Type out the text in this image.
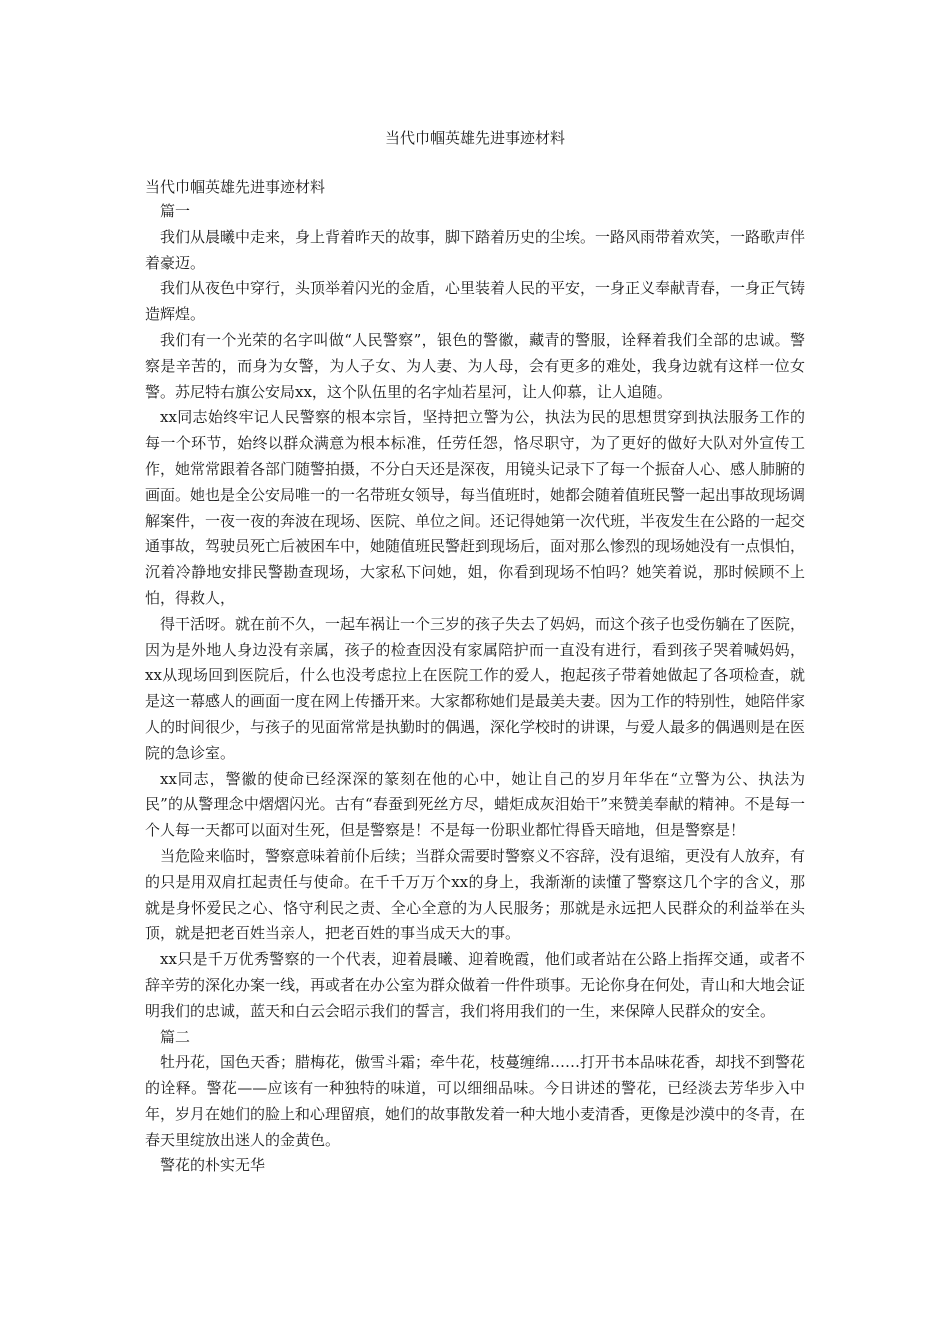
当代巾帼英雄先进事迹材料

当代巾帼英雄先进事迹材料

篇一

我们从晨曦中走来，身上背着昨天的故事，脚下踏着历史的尘埃。一路风雨带着欢笑，一路歌声伴着豪迈。

我们从夜色中穿行，头顶举着闪光的金盾，心里装着人民的平安，一身正义奉献青春，一身正气铸造辉煌。

我们有一个光荣的名字叫做“人民警察”，银色的警徽，藏青的警服，诠释着我们全部的忠诚。警察是辛苦的，而身为女警，为人子女、为人妻、为人母，会有更多的难处，我身边就有这样一位女警。苏尼特右旗公安局xx，这个队伍里的名字灿若星河，让人仰慕，让人追随。

xx同志始终牢记人民警察的根本宗旨，坚持把立警为公，执法为民的思想贯穿到执法服务工作的每一个环节，始终以群众满意为根本标准，任劳任怨，恪尽职守，为了更好的做好大队对外宣传工作，她常常跟着各部门随警拍摄，不分白天还是深夜，用镜头记录下了每一个振奋人心、感人肺腑的画面。她也是全公安局唯一的一名带班女领导，每当值班时，她都会随着值班民警一起出事故现场调解案件，一夜一夜的奔波在现场、医院、单位之间。还记得她第一次代班，半夜发生在公路的一起交通事故，驾驶员死亡后被困车中，她随值班民警赶到现场后，面对那么惨烈的现场她没有一点惧怕，沉着冷静地安排民警勘查现场，大家私下问她，姐，你看到现场不怕吗？她笑着说，那时候顾不上怕，得救人，

得干活呀。就在前不久，一起车祸让一个三岁的孩子失去了妈妈，而这个孩子也受伤躺在了医院，因为是外地人身边没有亲属，孩子的检查因没有家属陪护而一直没有进行，看到孩子哭着喊妈妈，xx从现场回到医院后，什么也没考虑拉上在医院工作的爱人，抱起孩子带着她做起了各项检查，就是这一幕感人的画面一度在网上传播开来。大家都称她们是最美夫妻。因为工作的特别性，她陪伴家人的时间很少，与孩子的见面常常是执勤时的偶遇，深化学校时的讲课，与爱人最多的偶遇则是在医院的急诊室。

xx同志，警徽的使命已经深深的篆刻在他的心中，她让自己的岁月年华在“立警为公、执法为民”的从警理念中熠熠闪光。古有“春蚕到死丝方尽，蜡炬成灰泪始干”来赞美奉献的精神。不是每一个人每一天都可以面对生死，但是警察是！不是每一份职业都忙得昏天暗地，但是警察是！

当危险来临时，警察意味着前仆后续；当群众需要时警察义不容辞，没有退缩，更没有人放弃，有的只是用双肩扛起责任与使命。在千千万万个xx的身上，我渐渐的读懂了警察这几个字的含义，那就是身怀爱民之心、恪守利民之责、全心全意的为人民服务；那就是永远把人民群众的利益举在头顶，就是把老百姓当亲人，把老百姓的事当成天大的事。

xx只是千万优秀警察的一个代表，迎着晨曦、迎着晚霞，他们或者站在公路上指挥交通，或者不辞辛劳的深化办案一线，再或者在办公室为群众做着一件件琐事。无论你身在何处，青山和大地会证明我们的忠诚，蓝天和白云会昭示我们的誓言，我们将用我们的一生，来保障人民群众的安全。

篇二

牡丹花，国色天香；腊梅花，傲雪斗霜；牵牛花，枝蔓缠绵……打开书本品味花香，却找不到警花的诠释。警花——应该有一种独特的味道，可以细细品味。今日讲述的警花，已经淡去芳华步入中年，岁月在她们的脸上和心理留痕，她们的故事散发着一种大地小麦清香，更像是沙漠中的冬青，在春天里绽放出迷人的金黄色。

警花的朴实无华
